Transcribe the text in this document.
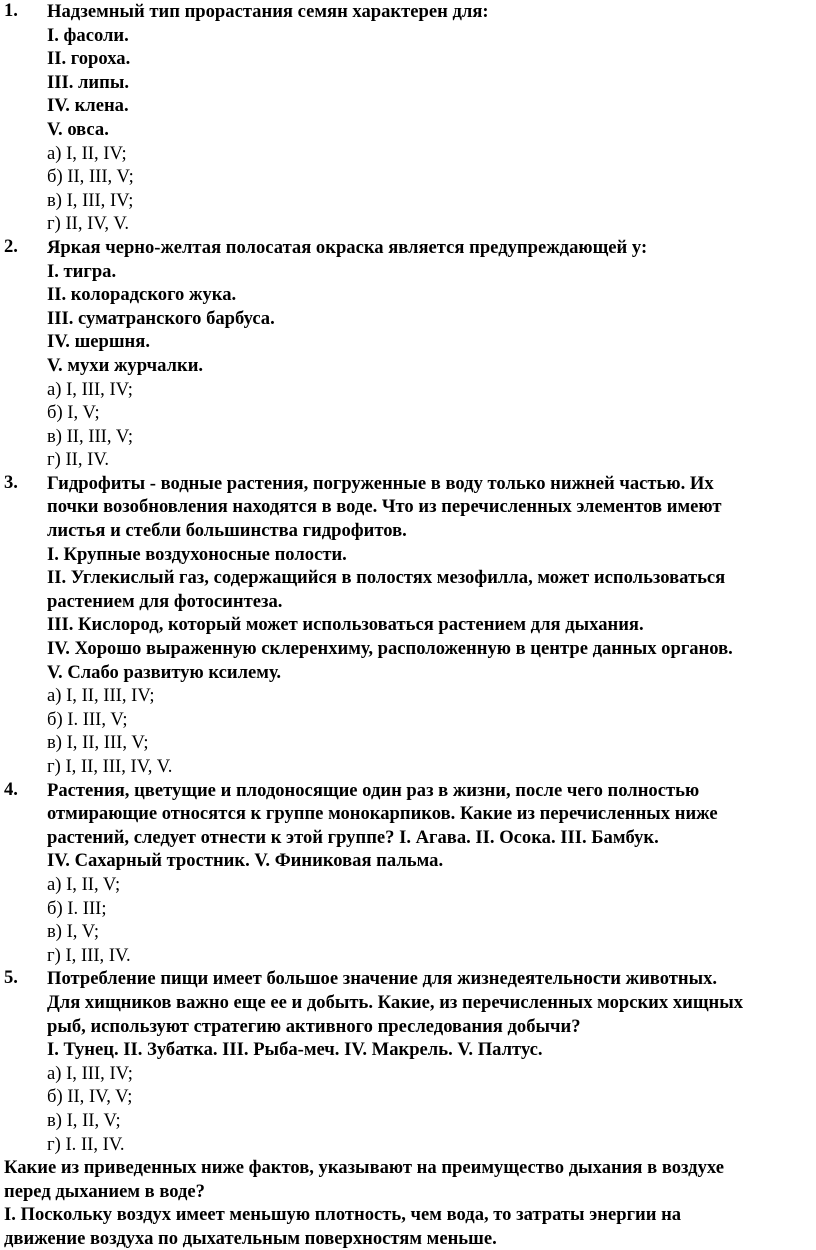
1. Надземный тип прорастания семян характерен для:
I. фасоли.
II. гороха.
III. липы.
IV. клена.
V. овса.
а) I, II, IV;
б) II, III, V;
в) I, III, IV;
г) II, IV, V.
2. Яркая черно-желтая полосатая окраска является предупреждающей у:
I. тигра.
II. колорадского жука.
III. суматранского барбуса.
IV. шершня.
V. мухи журчалки.
а) I, III, IV;
б) I, V;
в) II, III, V;
г) II, IV.
3. Гидрофиты - водные растения, погруженные в воду только нижней частью. Их
почки возобновления находятся в воде. Что из перечисленных элементов имеют
листья и стебли большинства гидрофитов.
I. Крупные воздухоносные полости.
II. Углекислый газ, содержащийся в полостях мезофилла, может использоваться
растением для фотосинтеза.
III. Кислород, который может использоваться растением для дыхания.
IV. Хорошо выраженную склеренхиму, расположенную в центре данных органов.
V. Слабо развитую ксилему.
а) I, II, III, IV;
б) I. III, V;
в) I, II, III, V;
г) I, II, III, IV, V.
4. Растения, цветущие и плодоносящие один раз в жизни, после чего полностью
отмирающие относятся к группе монокарпиков. Какие из перечисленных ниже
растений, следует отнести к этой группе? I. Агава. II. Осока. III. Бамбук.
IV. Сахарный тростник. V. Финиковая пальма.
а) I, II, V;
б) I. III;
в) I, V;
г) I, III, IV.
5. Потребление пищи имеет большое значение для жизнедеятельности животных.
Для хищников важно еще ее и добыть. Какие, из перечисленных морских хищных
рыб, используют стратегию активного преследования добычи?
I. Тунец. II. Зубатка. III. Рыба-меч. IV. Макрель. V. Палтус.
а) I, III, IV;
б) II, IV, V;
в) I, II, V;
г) I. II, IV.
Какие из приведенных ниже фактов, указывают на преимущество дыхания в воздухе
перед дыханием в воде?
I. Поскольку воздух имеет меньшую плотность, чем вода, то затраты энергии на
движение воздуха по дыхательным поверхностям меньше.
